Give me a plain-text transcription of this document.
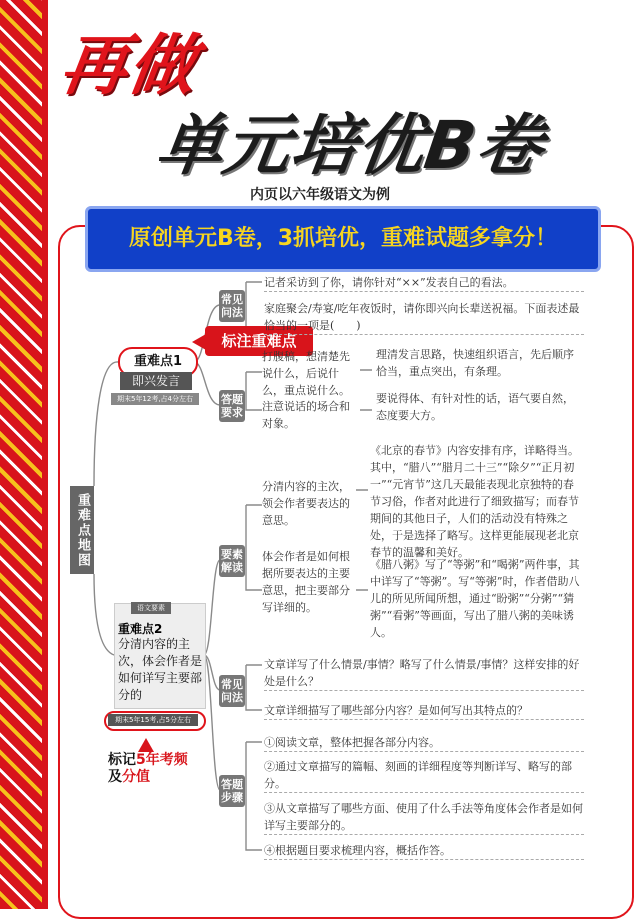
再做
单元培优B卷
内页以六年级语文为例
原创单元B卷，3抓培优，重难试题多拿分！
重难点地图
重难点1
即兴发言
期末5年12考,占4分左右
标注重难点
语文要素
重难点2
分清内容的主次，体会作者是如何详写主要部分的
期末5年15考,占5分左右
标记5年考频
及分值
常见问法
答题要求
要素解读
常见问法
答题步骤
记者采访到了你，请你针对“××”发表自己的看法。
家庭聚会/寿宴/吃年夜饭时，请你即兴向长辈送祝福。下面表述最恰当的一项是(　　)
打腹稿，想清楚先说什么，后说什么，重点说什么。
理清发言思路，快速组织语言，先后顺序恰当，重点突出，有条理。
注意说话的场合和对象。
要说得体、有针对性的话，语气要自然，态度要大方。
分清内容的主次，领会作者要表达的意思。
《北京的春节》内容安排有序，详略得当。其中，“腊八”“腊月二十三”“除夕”“正月初一”“元宵节”这几天最能表现北京独特的春节习俗，作者对此进行了细致描写；而春节期间的其他日子，人们的活动没有特殊之处，于是选择了略写。这样更能展现老北京春节的温馨和美好。
体会作者是如何根据所要表达的主要意思，把主要部分写详细的。
《腊八粥》写了“等粥”和“喝粥”两件事，其中详写了“等粥”。写“等粥”时，作者借助八儿的所见所闻所想，通过“盼粥”“分粥”“猜粥”“看粥”等画面，写出了腊八粥的美味诱人。
文章详写了什么情景/事情？略写了什么情景/事情？这样安排的好处是什么？
文章详细描写了哪些部分内容？是如何写出其特点的？
①阅读文章，整体把握各部分内容。
②通过文章描写的篇幅、刻画的详细程度等判断详写、略写的部分。
③从文章描写了哪些方面、使用了什么手法等角度体会作者是如何详写主要部分的。
④根据题目要求梳理内容，概括作答。
